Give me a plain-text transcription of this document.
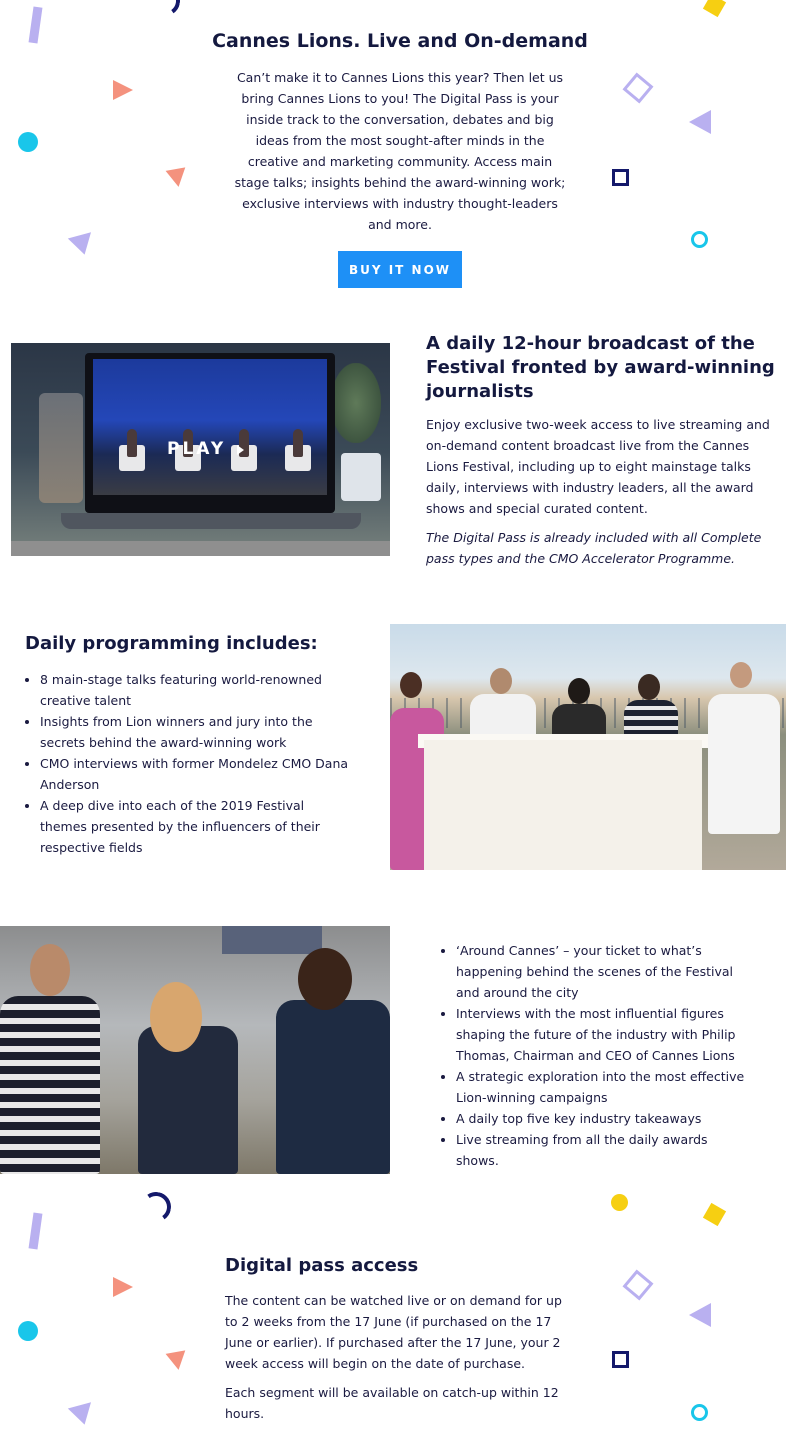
Cannes Lions. Live and On-demand

Can’t make it to Cannes Lions this year? Then let us bring Cannes Lions to you! The Digital Pass is your inside track to the conversation, debates and big ideas from the most sought-after minds in the creative and marketing community. Access main stage talks; insights behind the award-winning work; exclusive interviews with industry thought-leaders and more.

BUY IT NOW
PLAY
A daily 12-hour broadcast of the Festival fronted by award-winning journalists

Enjoy exclusive two-week access to live streaming and on-demand content broadcast live from the Cannes Lions Festival, including up to eight mainstage talks daily, interviews with industry leaders, all the award shows and special curated content.

The Digital Pass is already included with all Complete pass types and the CMO Accelerator Programme.

Daily programming includes:
• 8 main-stage talks featuring world-renowned creative talent
• Insights from Lion winners and jury into the secrets behind the award-winning work
• CMO interviews with former Mondelez CMO Dana Anderson
• A deep dive into each of the 2019 Festival themes presented by the influencers of their respective fields
• ‘Around Cannes’ – your ticket to what’s happening behind the scenes of the Festival and around the city
• Interviews with the most influential figures shaping the future of the industry with Philip Thomas, Chairman and CEO of Cannes Lions
• A strategic exploration into the most effective Lion-winning campaigns
• A daily top five key industry takeaways
• Live streaming from all the daily awards shows.
Digital pass access

The content can be watched live or on demand for up to 2 weeks from the 17 June (if purchased on the 17 June or earlier). If purchased after the 17 June, your 2 week access will begin on the date of purchase.

Each segment will be available on catch-up within 12 hours.
